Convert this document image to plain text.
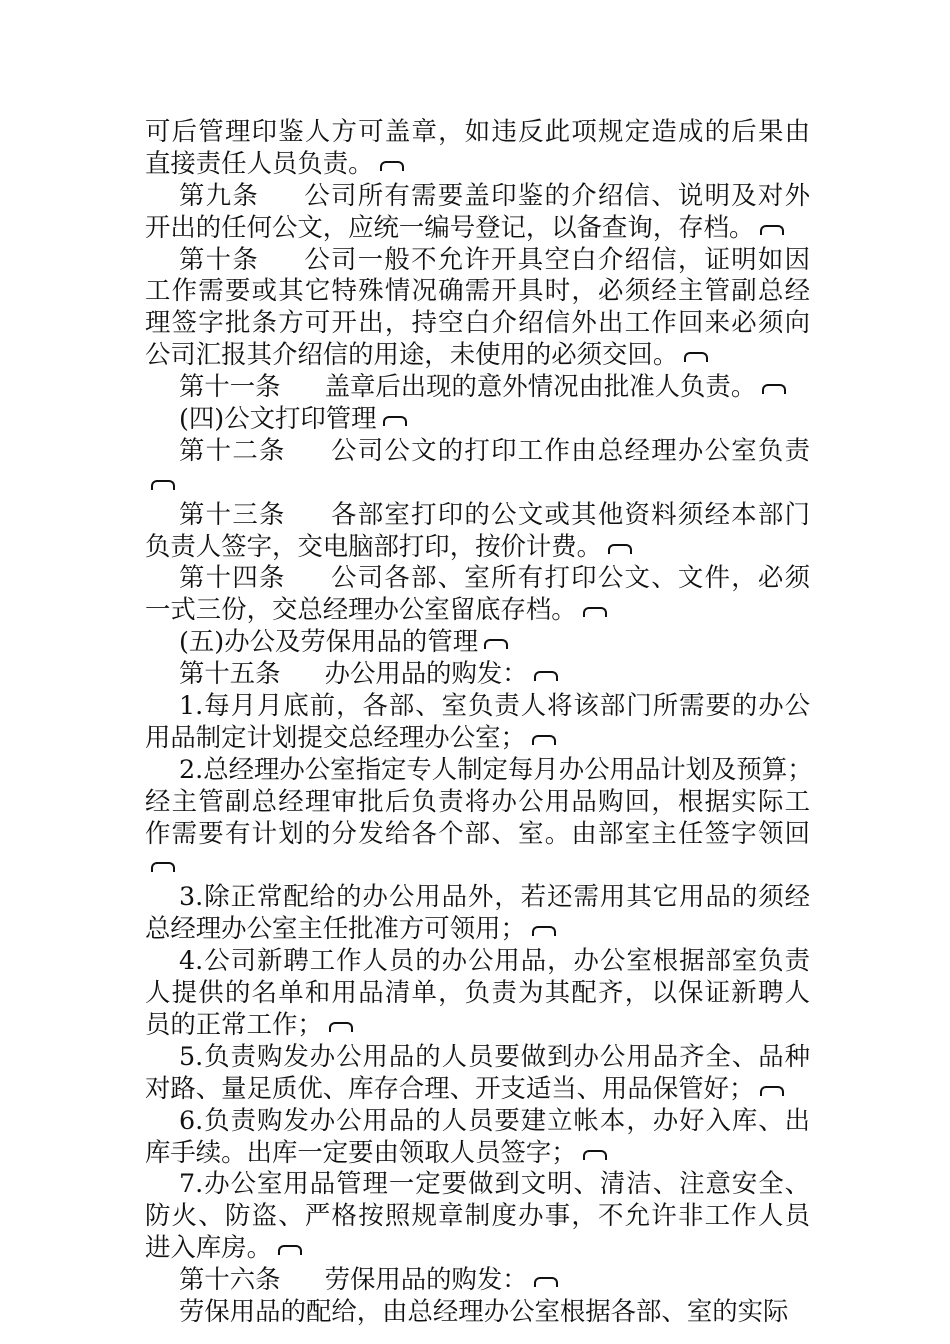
可后管理印鉴人方可盖章，如违反此项规定造成的后果由
直接责任人员负责。
第九条 公司所有需要盖印鉴的介绍信、说明及对外
开出的任何公文，应统一编号登记，以备查询，存档。
第十条 公司一般不允许开具空白介绍信，证明如因
工作需要或其它特殊情况确需开具时，必须经主管副总经
理签字批条方可开出，持空白介绍信外出工作回来必须向
公司汇报其介绍信的用途，未使用的必须交回。
第十一条 盖章后出现的意外情况由批准人负责。
(四)公文打印管理
第十二条 公司公文的打印工作由总经理办公室负责
第十三条 各部室打印的公文或其他资料须经本部门
负责人签字，交电脑部打印，按价计费。
第十四条 公司各部、室所有打印公文、文件，必须
一式三份，交总经理办公室留底存档。
(五)办公及劳保用品的管理
第十五条 办公用品的购发：
1.每月月底前，各部、室负责人将该部门所需要的办公
用品制定计划提交总经理办公室；
2.总经理办公室指定专人制定每月办公用品计划及预算；
经主管副总经理审批后负责将办公用品购回，根据实际工
作需要有计划的分发给各个部、室。由部室主任签字领回
3.除正常配给的办公用品外，若还需用其它用品的须经
总经理办公室主任批准方可领用；
4.公司新聘工作人员的办公用品，办公室根据部室负责
人提供的名单和用品清单，负责为其配齐，以保证新聘人
员的正常工作；
5.负责购发办公用品的人员要做到办公用品齐全、品种
对路、量足质优、库存合理、开支适当、用品保管好；
6.负责购发办公用品的人员要建立帐本，办好入库、出
库手续。出库一定要由领取人员签字；
7.办公室用品管理一定要做到文明、清洁、注意安全、
防火、防盗、严格按照规章制度办事，不允许非工作人员
进入库房。
第十六条 劳保用品的购发：
劳保用品的配给，由总经理办公室根据各部、室的实际
